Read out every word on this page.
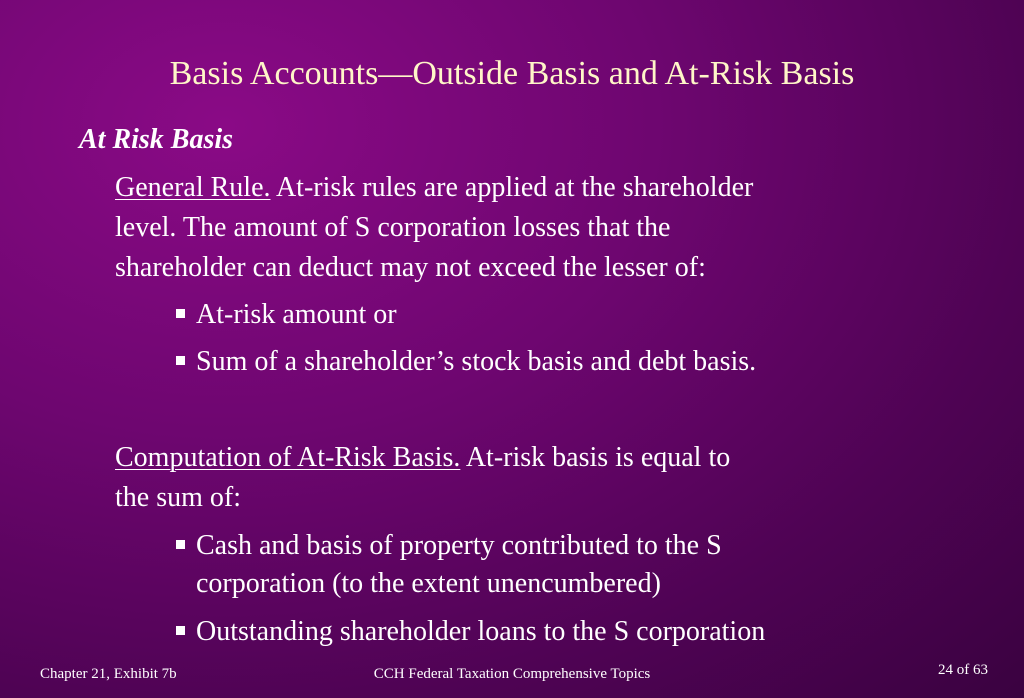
Basis Accounts—Outside Basis and At-Risk Basis
At Risk Basis
General Rule. At-risk rules are applied at the shareholder
level. The amount of S corporation losses that the
shareholder can deduct may not exceed the lesser of:
At-risk amount or
Sum of a shareholder’s stock basis and debt basis.
Computation of At-Risk Basis. At-risk basis is equal to
the sum of:
Cash and basis of property contributed to the S
corporation (to the extent unencumbered)
Outstanding shareholder loans to the S corporation
Chapter 21, Exhibit 7b	CCH Federal Taxation Comprehensive Topics	24 of 63
